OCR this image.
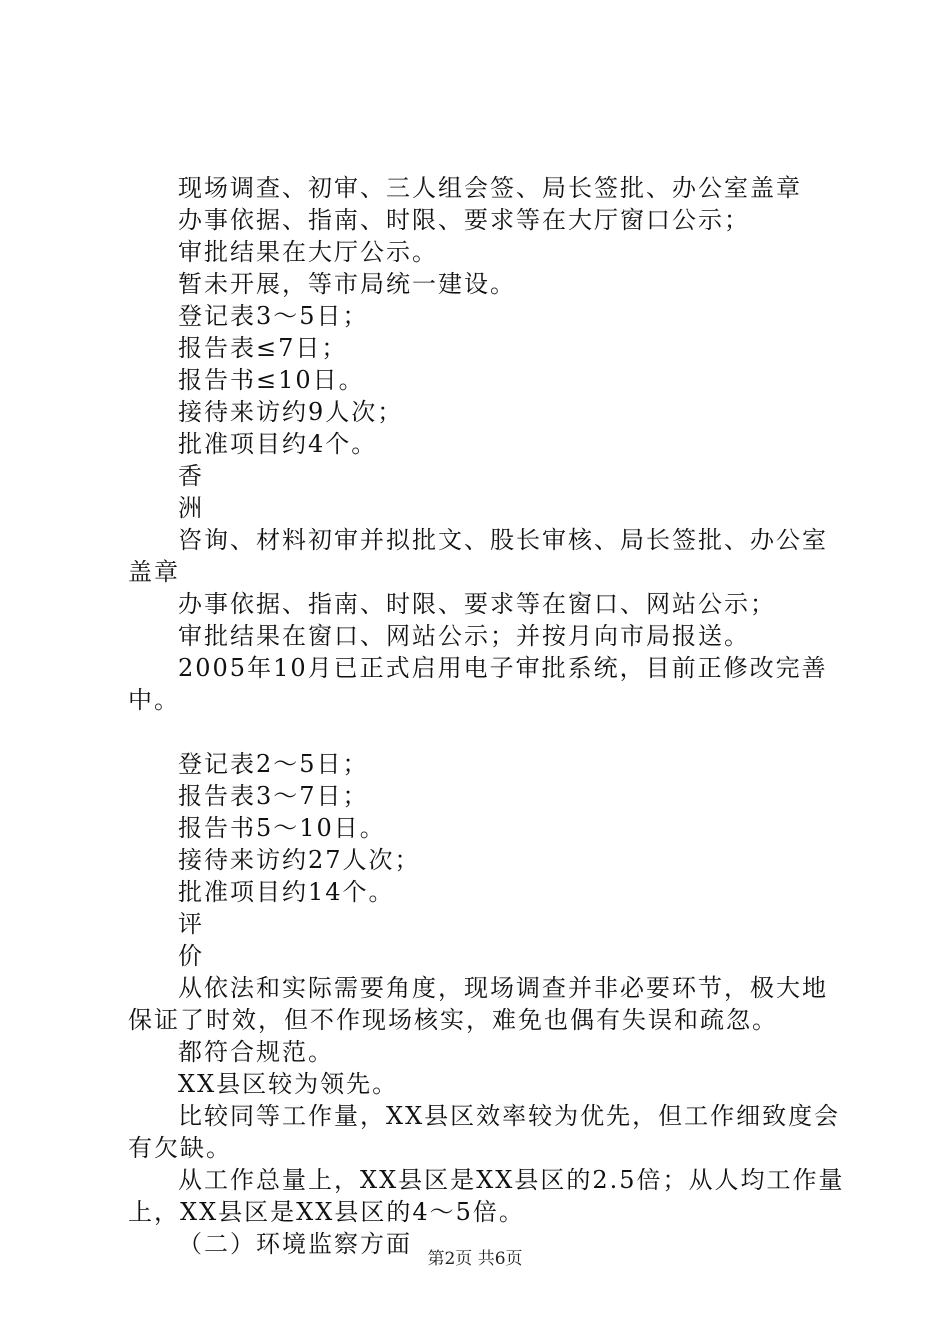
现场调查、初审、三人组会签、局长签批、办公室盖章

办事依据、指南、时限、要求等在大厅窗口公示；

审批结果在大厅公示。

暂未开展，等市局统一建设。

登记表3～5日；

报告表≤7日；

报告书≤10日。

接待来访约9人次；

批准项目约4个。

香

洲

咨询、材料初审并拟批文、股长审核、局长签批、办公室盖章

办事依据、指南、时限、要求等在窗口、网站公示；

审批结果在窗口、网站公示；并按月向市局报送。

2005年10月已正式启用电子审批系统，目前正修改完善中。

登记表2～5日；

报告表3～7日；

报告书5～10日。

接待来访约27人次；

批准项目约14个。

评

价

从依法和实际需要角度，现场调查并非必要环节，极大地保证了时效，但不作现场核实，难免也偶有失误和疏忽。

都符合规范。

XX县区较为领先。

比较同等工作量，XX县区效率较为优先，但工作细致度会有欠缺。

从工作总量上，XX县区是XX县区的2.5倍；从人均工作量上，XX县区是XX县区的4～5倍。

（二）环境监察方面

第2页 共6页
